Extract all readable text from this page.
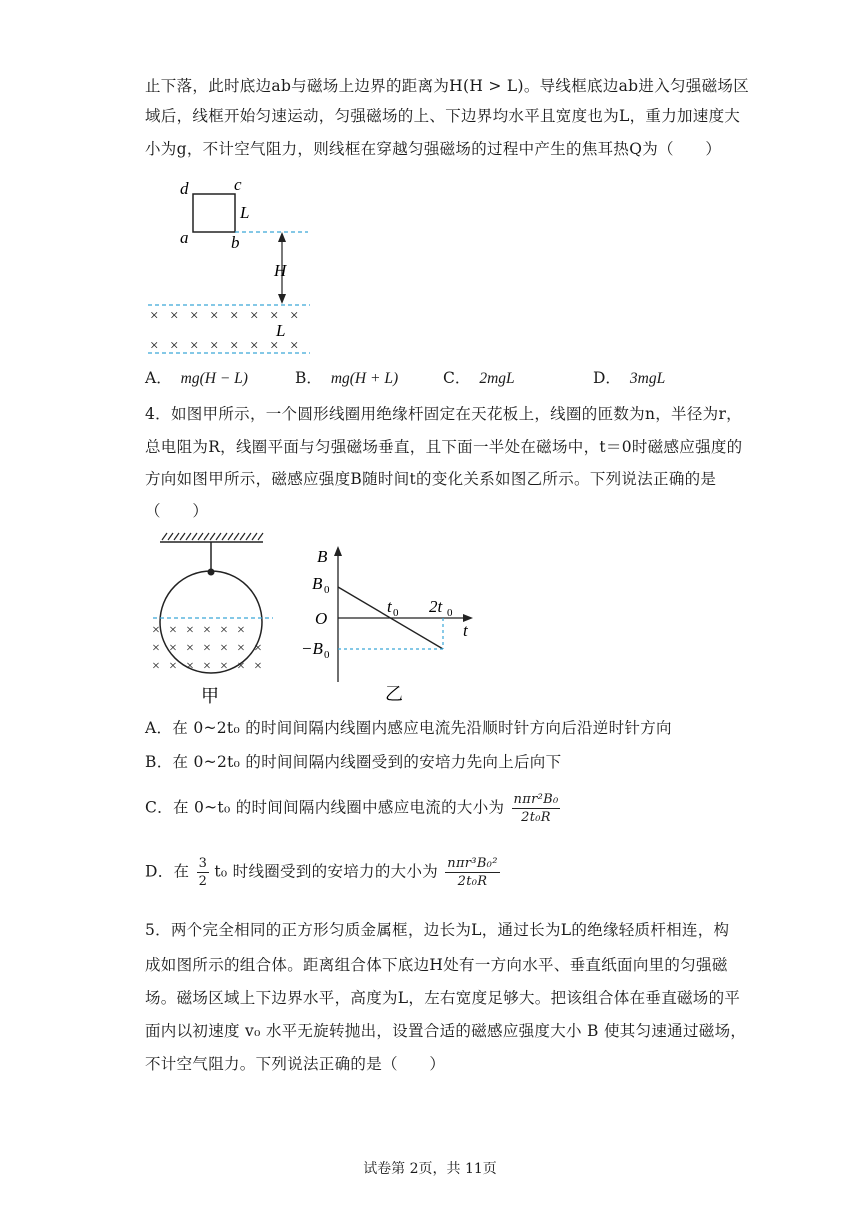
止下落，此时底边ab与磁场上边界的距离为H(H > L)。导线框底边ab进入匀强磁场区
域后，线框开始匀速运动，匀强磁场的上、下边界均水平且宽度也为L，重力加速度大
小为g，不计空气阻力，则线框在穿越匀强磁场的过程中产生的焦耳热Q为（　　）
d	c
a	b
L
H
× × × × × × × ×
L
× × × × × × × ×
A． mg(H − L)	B． mg(H + L)	C． 2mgL	D． 3mgL
4．如图甲所示，一个圆形线圈用绝缘杆固定在天花板上，线圈的匝数为n，半径为r，
总电阻为R，线圈平面与匀强磁场垂直，且下面一半处在磁场中，t＝0时磁感应强度的
方向如图甲所示，磁感应强度B随时间t的变化关系如图乙所示。下列说法正确的是
（　　）
× × × × × ×
× × × × × × ×
× × × × × × ×
甲
B
B 0
O
t 0 2t 0
−B 0
t
乙
A．在 0~2t₀ 的时间间隔内线圈内感应电流先沿顺时针方向后沿逆时针方向
B．在 0~2t₀ 的时间间隔内线圈受到的安培力先向上后向下
C．在 0~t₀ 的时间间隔内线圈中感应电流的大小为 $\frac{\text{nπr²B₀}}{\text{2t₀R}}$
D．在 $\frac{3}{2} t_0$ 时线圈受到的安培力的大小为 $\frac{\text{nπr³B₀²}}{\text{2t₀R}}$
5．两个完全相同的正方形匀质金属框，边长为L，通过长为L的绝缘轻质杆相连，构
成如图所示的组合体。距离组合体下底边H处有一方向水平、垂直纸面向里的匀强磁
场。磁场区域上下边界水平，高度为L，左右宽度足够大。把该组合体在垂直磁场的平
面内以初速度 v₀ 水平无旋转抛出，设置合适的磁感应强度大小 B 使其匀速通过磁场，
不计空气阻力。下列说法正确的是（　　）
试卷第 2页，共 11页
